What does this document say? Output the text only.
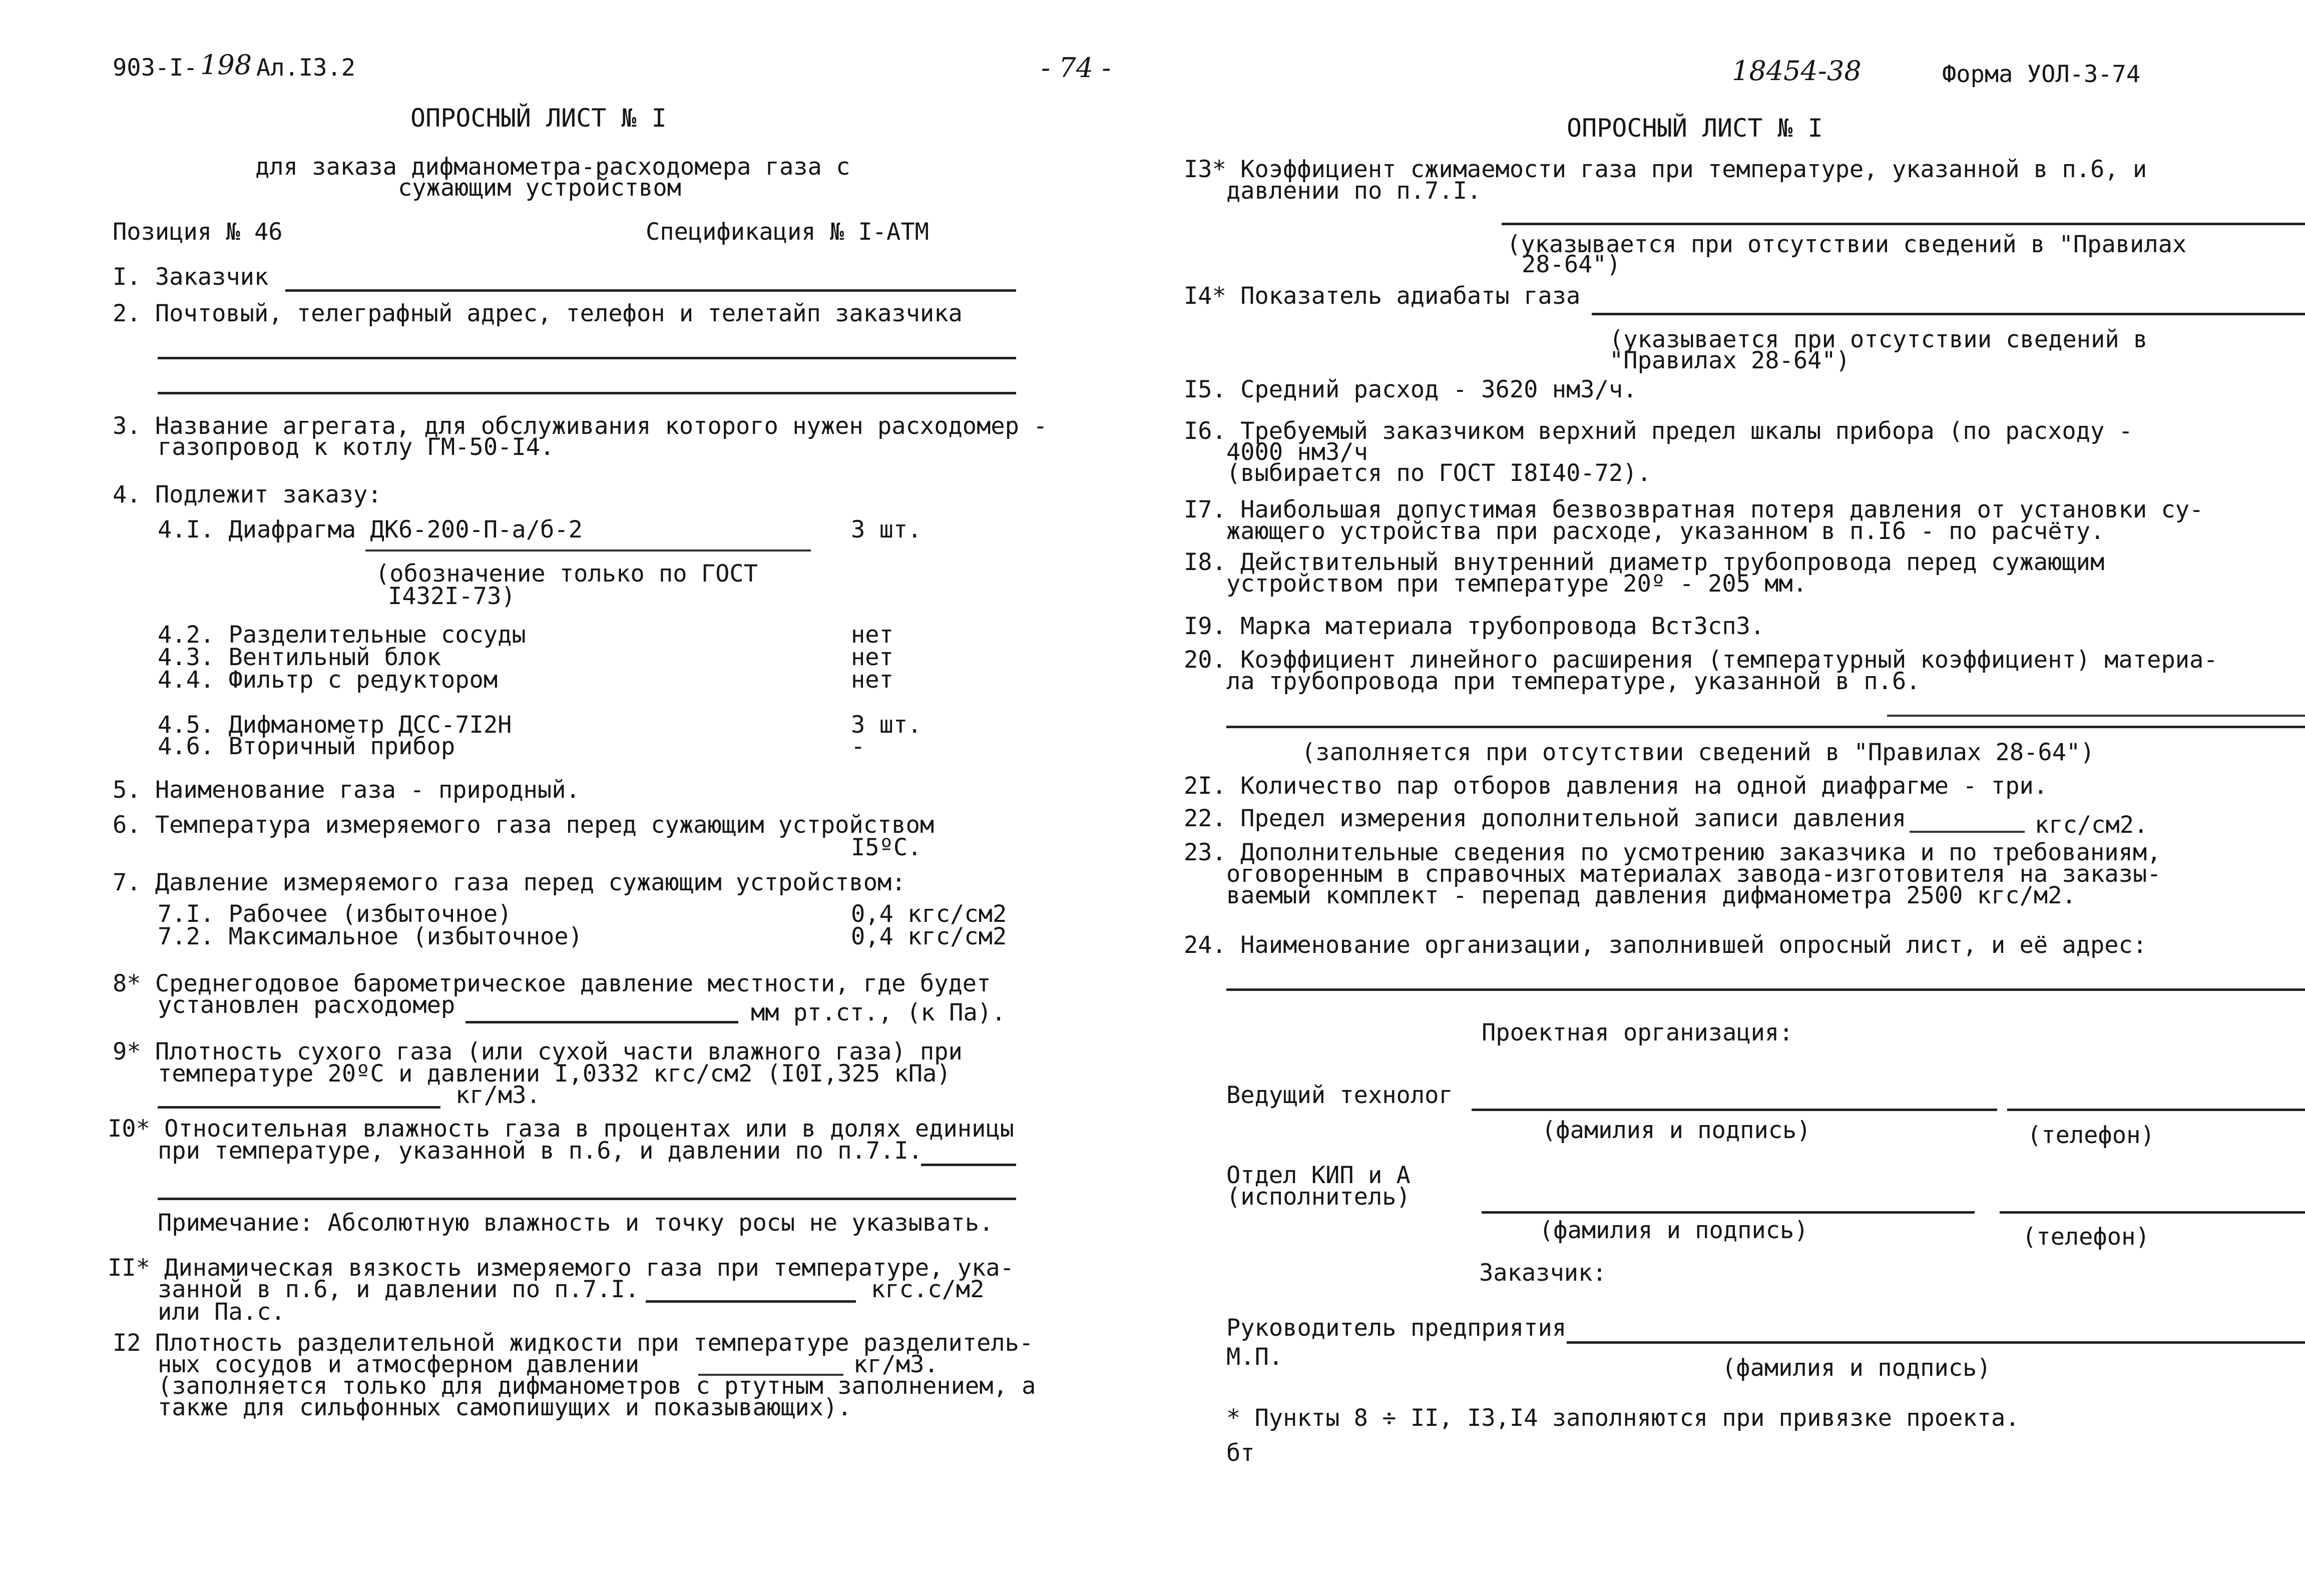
903-I- 198 Ал.I3.2
ОПРОСНЫЙ ЛИСТ № I
для заказа дифманометра-расходомера газа с
сужающим устройством
Позиция № 46	Спецификация № I-АТМ
I. Заказчик
2. Почтовый, телеграфный адрес, телефон и телетайп заказчика
3. Название агрегата, для обслуживания которого нужен расходомер -
газопровод к котлу ГМ-50-I4.
4. Подлежит заказу:
4.I. Диафрагма ДК6-200-П-а/б-2	3 шт.
(обозначение только по ГОСТ
I432I-73)
4.2. Разделительные сосуды	нет
4.3. Вентильный блок	нет
4.4. Фильтр с редуктором	нет
4.5. Дифманометр ДСС-7I2Н	3 шт.
4.6. Вторичный прибор	-
5. Наименование газа - природный.
6. Температура измеряемого газа перед сужающим устройством
I5ºС.
7. Давление измеряемого газа перед сужающим устройством:
7.I. Рабочее (избыточное)	0,4 кгс/см2
7.2. Максимальное (избыточное)	0,4 кгс/см2
8* Среднегодовое барометрическое давление местности, где будет
установлен расходомер	мм рт.ст., (к Па).
9* Плотность сухого газа (или сухой части влажного газа) при
температуре 20ºС и давлении I,0332 кгс/см2 (I0I,325 кПа)
кг/м3.
I0* Относительная влажность газа в процентах или в долях единицы
при температуре, указанной в п.6, и давлении по п.7.I.
Примечание: Абсолютную влажность и точку росы не указывать.
II* Динамическая вязкость измеряемого газа при температуре, ука-
занной в п.6, и давлении по п.7.I.	кгс.с/м2
или Па.с.
I2 Плотность разделительной жидкости при температуре разделитель-
ных сосудов и атмосферном давлении	кг/м3.
(заполняется только для дифманометров с ртутным заполнением, а
также для сильфонных самопишущих и показывающих).
- 74 -	18454-38	Форма УОЛ-3-74
ОПРОСНЫЙ ЛИСТ № I
I3* Коэффициент сжимаемости газа при температуре, указанной в п.6, и
давлении по п.7.I.
(указывается при отсутствии сведений в "Правилах
28-64")
I4* Показатель адиабаты газа
(указывается при отсутствии сведений в
"Правилах 28-64")
I5. Средний расход - 3620 нм3/ч.
I6. Требуемый заказчиком верхний предел шкалы прибора (по расходу -
4000 нм3/ч
(выбирается по ГОСТ I8I40-72).
I7. Наибольшая допустимая безвозвратная потеря давления от установки су-
жающего устройства при расходе, указанном в п.I6 - по расчёту.
I8. Действительный внутренний диаметр трубопровода перед сужающим
устройством при температуре 20º - 205 мм.
I9. Марка материала трубопровода ВстЗсп3.
20. Коэффициент линейного расширения (температурный коэффициент) материа-
ла трубопровода при температуре, указанной в п.6.
(заполняется при отсутствии сведений в "Правилах 28-64")
2I. Количество пар отборов давления на одной диафрагме - три.
22. Предел измерения дополнительной записи давления	кгс/см2.
23. Дополнительные сведения по усмотрению заказчика и по требованиям,
оговоренным в справочных материалах завода-изготовителя на заказы-
ваемый комплект - перепад давления дифманометра 2500 кгс/м2.
24. Наименование организации, заполнившей опросный лист, и её адрес:
Проектная организация:
Ведущий технолог
(фамилия и подпись)	(телефон)
Отдел КИП и А
(исполнитель)
(фамилия и подпись)	(телефон)
Заказчик:
Руководитель предприятия
М.П.	(фамилия и подпись)
* Пункты 8 ÷ II, I3,I4 заполняются при привязке проекта.
бт
